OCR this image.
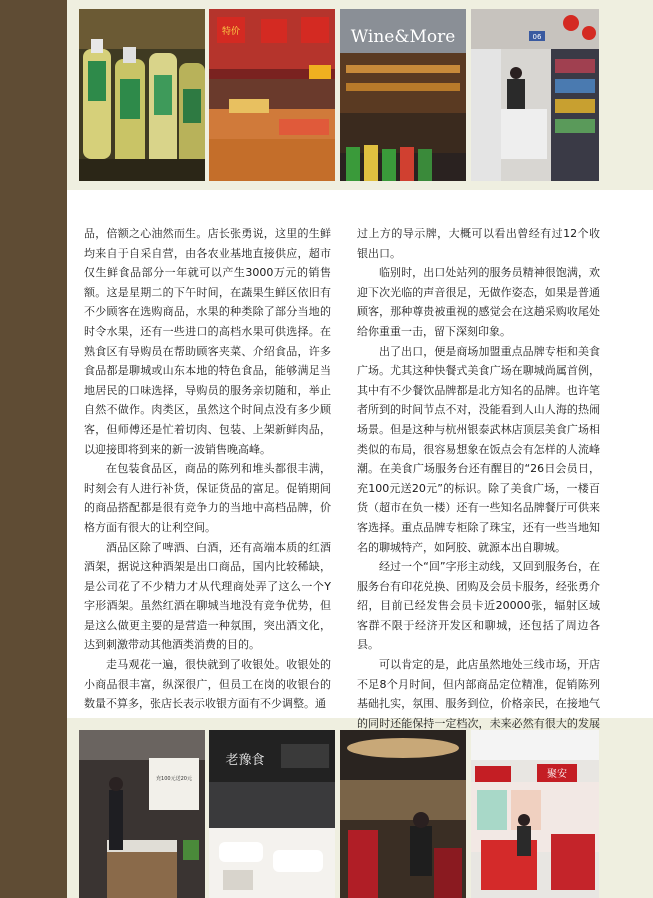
特价	Wine&More	06

品，倍额之心油然而生。店长张勇说，这里的生鲜均来自于自采自营，由各农业基地直接供应，超市仅生鲜食品部分一年就可以产生3000万元的销售额。这是星期二的下午时间，在蔬果生鲜区依旧有不少顾客在选购商品，水果的种类除了部分当地的时令水果，还有一些进口的高档水果可供选择。在熟食区有导购员在帮助顾客夹菜、介绍食品，许多食品都是聊城或山东本地的特色食品，能够满足当地居民的口味选择，导购员的服务亲切随和，举止自然不做作。肉类区，虽然这个时间点没有多少顾客，但师傅还是忙着切肉、包装、上架新鲜肉品，以迎接即将到来的新一波销售晚高峰。

在包装食品区，商品的陈列和堆头都很丰满，时刻会有人进行补货，保证货品的富足。促销期间的商品搭配都是很有竞争力的当地中高档品牌，价格方面有很大的让利空间。

酒品区除了啤酒、白酒，还有高端本质的红酒酒架，据说这种酒架是出口商品，国内比较稀缺，是公司花了不少精力才从代理商处弄了这么一个Y字形酒架。虽然红酒在聊城当地没有竞争优势，但是这么做更主要的是营造一种氛围，突出酒文化，达到刺激带动其他酒类消费的目的。

走马观花一遍，很快就到了收银处。收银处的小商品很丰富，纵深很广，但员工在岗的收银台的数量不算多，张店长表示收银方面有不少调整。通

过上方的导示牌，大概可以看出曾经有过12个收银出口。

临别时，出口处站列的服务员精神很饱满，欢迎下次光临的声音很足，无做作姿态，如果是普通顾客，那种尊贵被重视的感觉会在这趟采购收尾处给你重重一击，留下深刻印象。

出了出口，便是商场加盟重点品牌专柜和美食广场。尤其这种快餐式美食广场在聊城尚属首例，其中有不少餐饮品牌都是北方知名的品牌。也许笔者所到的时间节点不对，没能看到人山人海的热闹场景。但是这种与杭州银泰武林店顶层美食广场相类似的布局，很容易想象在饭点会有怎样的人流峰潮。在美食广场服务台还有醒目的“26日会员日，充100元送20元”的标识。除了美食广场，一楼百货（超市在负一楼）还有一些知名品牌餐厅可供来客选择。重点品牌专柜除了珠宝，还有一些当地知名的聊城特产，如阿胶、就源本出自聊城。

经过一个“回”字形主动线，又回到服务台，在服务台有印花兑换、团购及会员卡服务，经张勇介绍，目前已经发售会员卡近20000张，辐射区域客群不限于经济开发区和聊城，还包括了周边各县。

可以肯定的是，此店虽然地处三线市场，开店不足8个月时间，但内部商品定位精准，促销陈列基础扎实，氛围、服务到位，价格亲民，在接地气的同时还能保持一定档次，未来必然有很大的发展

充100元送20元
老豫食
聚安
